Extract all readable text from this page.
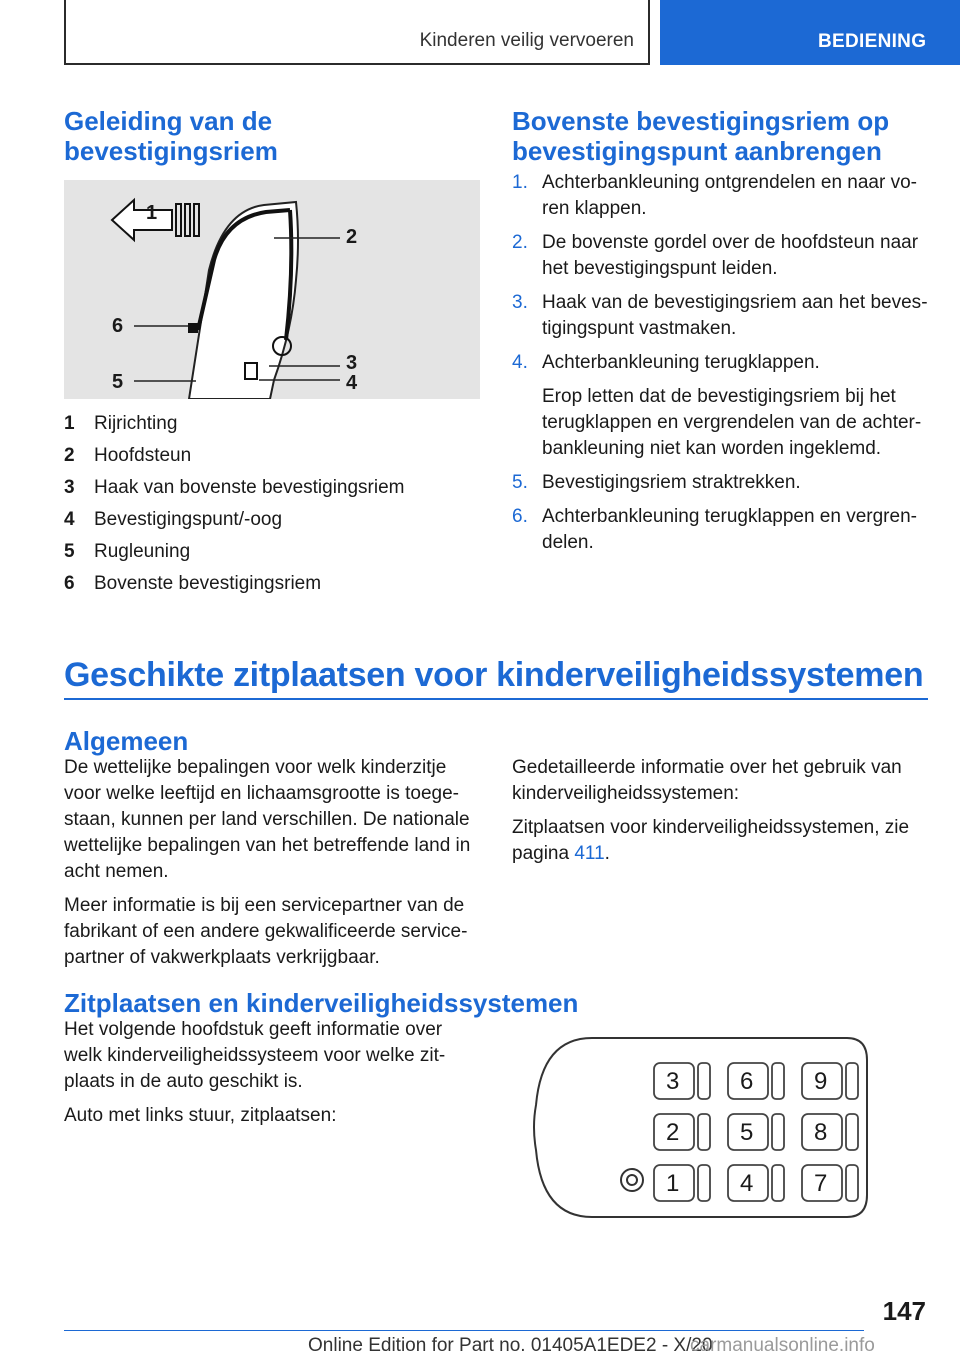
Kinderen veilig vervoeren	BEDIENING
Geleiding van de
bevestigingsriem
1
2
6
3
4
5
1	Rijrichting
2	Hoofdsteun
3	Haak van bovenste bevestigingsriem
4	Bevestigingspunt/-oog
5	Rugleuning
6	Bovenste bevestigingsriem
Bovenste bevestigingsriem op
bevestigingspunt aanbrengen
1. Achterbankleuning ontgrendelen en naar voren klappen.
2. De bovenste gordel over de hoofdsteun naar het bevestigingspunt leiden.
3. Haak van de bevestigingsriem aan het bevestigingspunt vastmaken.
4. Achterbankleuning terugklappen.
Erop letten dat de bevestigingsriem bij het terugklappen en vergrendelen van de achterbankleuning niet kan worden ingeklemd.
5. Bevestigingsriem straktrekken.
6. Achterbankleuning terugklappen en vergrendelen.
Geschikte zitplaatsen voor kinderveiligheidssystemen
Algemeen

De wettelijke bepalingen voor welk kinderzitje voor welke leeftijd en lichaamsgrootte is toegestaan, kunnen per land verschillen. De nationale wettelijke bepalingen van het betreffende land in acht nemen.

Meer informatie is bij een servicepartner van de fabrikant of een andere gekwalificeerde servicepartner of vakwerkplaats verkrijgbaar.

Gedetailleerde informatie over het gebruik van kinderveiligheidssystemen:

Zitplaatsen voor kinderveiligheidssystemen, zie pagina 411.

Zitplaatsen en kinderveiligheidssystemen

Het volgende hoofdstuk geeft informatie over welk kinderveiligheidssysteem voor welke zitplaats in de auto geschikt is.

Auto met links stuur, zitplaatsen:

3	6	9
2	5	8
1	4	7
147
Online Edition for Part no. 01405A1EDE2 - X/20
carmanualsonline.info
